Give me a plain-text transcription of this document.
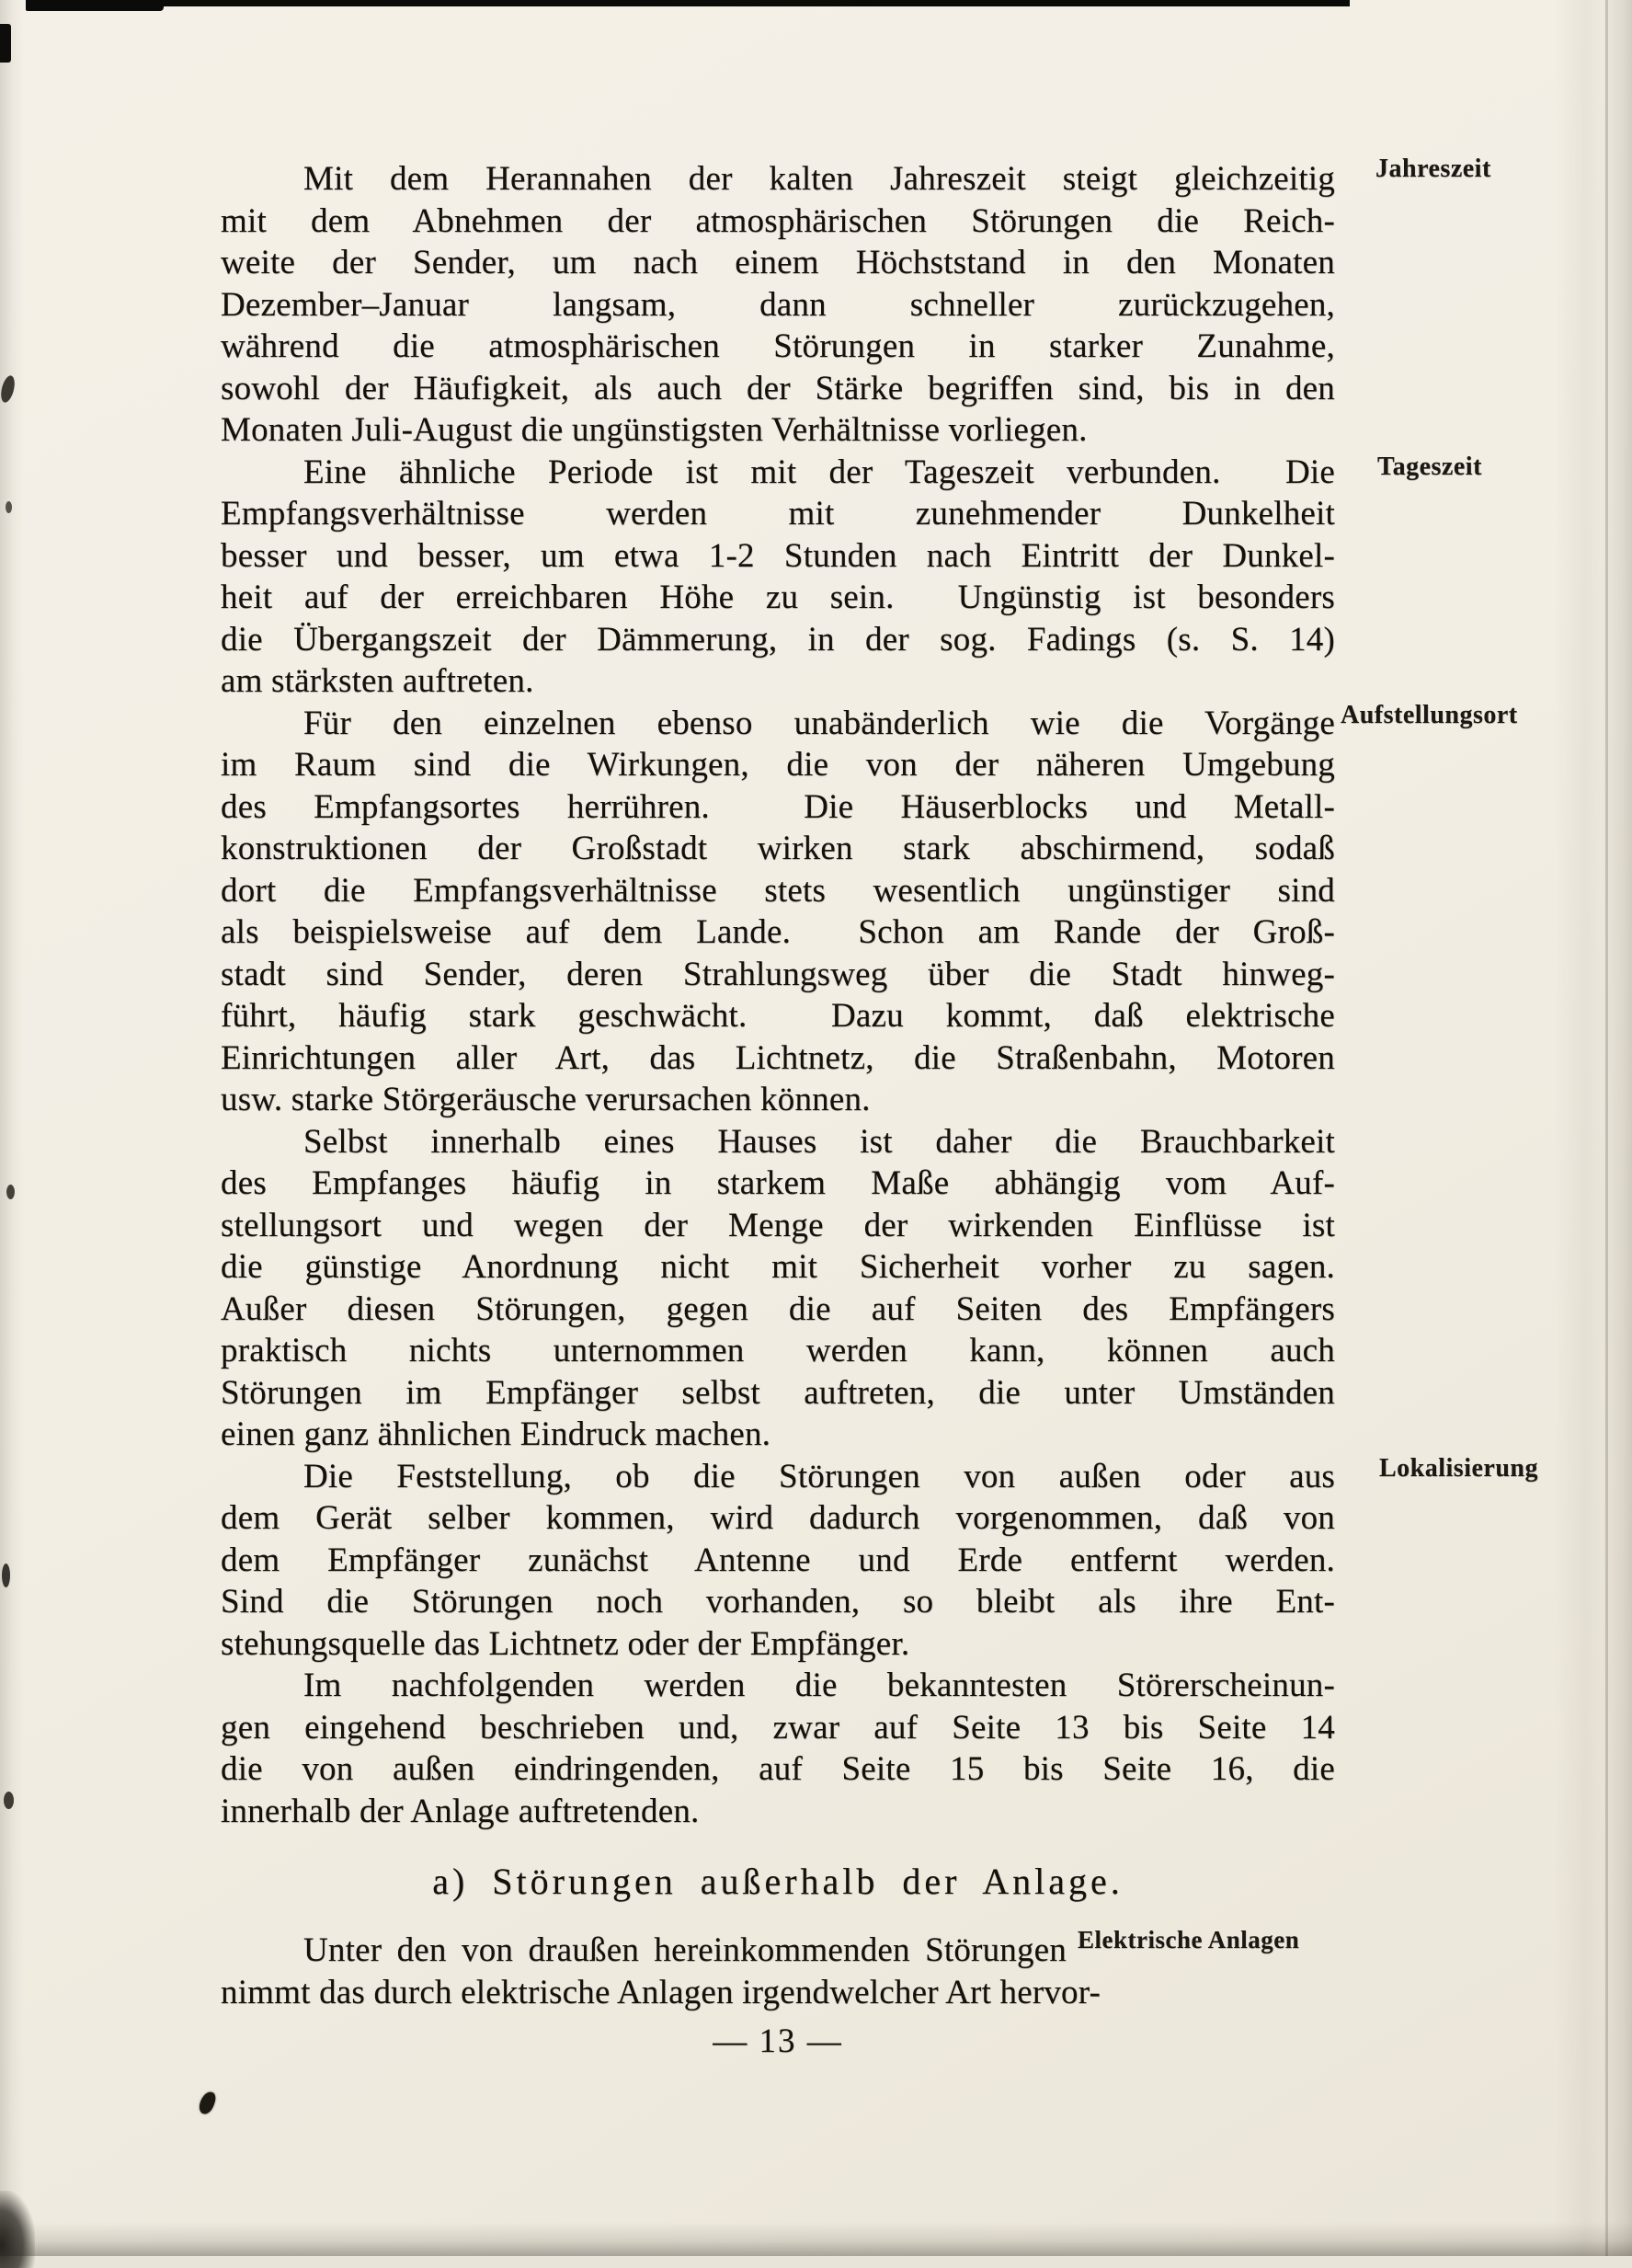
a) Störungen außerhalb der Anlage.
— 13 —
Mit dem Herannahen der kalten Jahreszeit steigt gleichzeitig
mit dem Abnehmen der atmosphärischen Störungen die Reich-
weite der Sender, um nach einem Höchststand in den Monaten
Dezember–Januar langsam, dann schneller zurückzugehen,
während die atmosphärischen Störungen in starker Zunahme,
sowohl der Häufigkeit, als auch der Stärke begriffen sind, bis in den
Monaten Juli-August die ungünstigsten Verhältnisse vorliegen.
Eine ähnliche Periode ist mit der Tageszeit verbunden.  Die
Empfangsverhältnisse werden mit zunehmender Dunkelheit
besser und besser, um etwa 1-2 Stunden nach Eintritt der Dunkel-
heit auf der erreichbaren Höhe zu sein.  Ungünstig ist besonders
die Übergangszeit der Dämmerung, in der sog. Fadings (s. S. 14)
am stärksten auftreten.
Für den einzelnen ebenso unabänderlich wie die Vorgänge
im Raum sind die Wirkungen, die von der näheren Umgebung
des Empfangsortes herrühren.  Die Häuserblocks und Metall-
konstruktionen der Großstadt wirken stark abschirmend, sodaß
dort die Empfangsverhältnisse stets wesentlich ungünstiger sind
als beispielsweise auf dem Lande.  Schon am Rande der Groß-
stadt sind Sender, deren Strahlungsweg über die Stadt hinweg-
führt, häufig stark geschwächt.  Dazu kommt, daß elektrische
Einrichtungen aller Art, das Lichtnetz, die Straßenbahn, Motoren
usw. starke Störgeräusche verursachen können.
Selbst innerhalb eines Hauses ist daher die Brauchbarkeit
des Empfanges häufig in starkem Maße abhängig vom Auf-
stellungsort und wegen der Menge der wirkenden Einflüsse ist
die günstige Anordnung nicht mit Sicherheit vorher zu sagen.
Außer diesen Störungen, gegen die auf Seiten des Empfängers
praktisch nichts unternommen werden kann, können auch
Störungen im Empfänger selbst auftreten, die unter Umständen
einen ganz ähnlichen Eindruck machen.
Die Feststellung, ob die Störungen von außen oder aus
dem Gerät selber kommen, wird dadurch vorgenommen, daß von
dem Empfänger zunächst Antenne und Erde entfernt werden.
Sind die Störungen noch vorhanden, so bleibt als ihre Ent-
stehungsquelle das Lichtnetz oder der Empfänger.
Im nachfolgenden werden die bekanntesten Störerscheinun-
gen eingehend beschrieben und, zwar auf Seite 13 bis Seite 14
die von außen eindringenden, auf Seite 15 bis Seite 16, die
innerhalb der Anlage auftretenden.
Unter den von draußen hereinkommenden Störungen
nimmt das durch elektrische Anlagen irgendwelcher Art hervor-
Jahreszeit
Tageszeit
Aufstellungsort
Lokalisierung
Elektrische Anlagen
